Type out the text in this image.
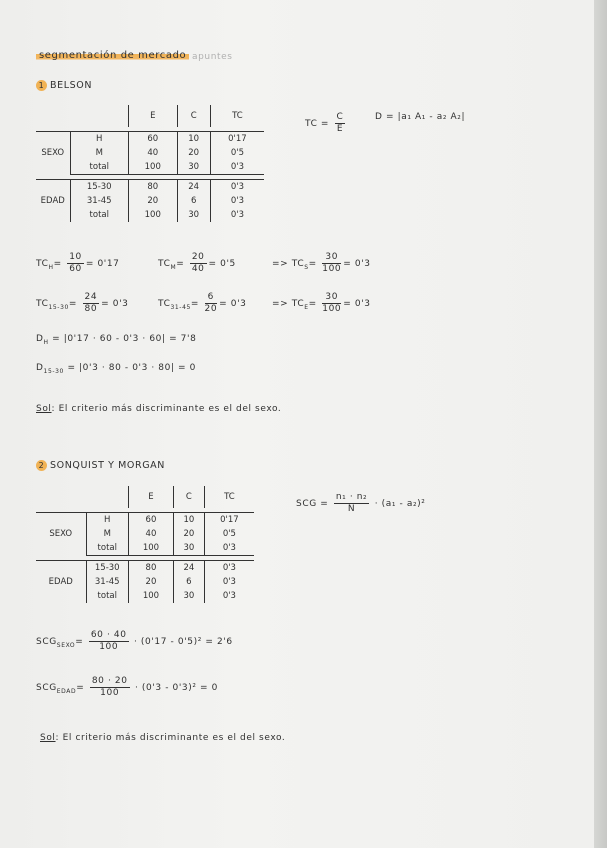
segmentación de mercado apuntes
1 BELSON
		E	C	TC

SEXO	H	60	10	0'17
	M	40	20	0'5
	total	100	30	0'3

EDAD	15-30	80	24	0'3
	31-45	20	6	0'3
	total	100	30	0'3
TC = $\frac{C}{E}$	D = |a₁ A₁ - a₂ A₂|
$TC_H= \frac{10}{60} = 0'17$	$TC_M= \frac{20}{40} = 0'5$	=> $TC_S= \frac{30}{100} = 0'3$
$TC_{15-30}= \frac{24}{80} = 0'3$	$TC_{31-45}= \frac{6}{20} = 0'3$	=> $TC_E= \frac{30}{100} = 0'3$
$D_H = |0'17 \cdot 60 - 0'3 \cdot 60| = 7'8$
$D_{15-30} = |0'3 \cdot 80 - 0'3 \cdot 80| = 0$
Sol: El criterio más discriminante es el del sexo.
2 SONQUIST Y MORGAN
		E	C	TC

SEXO	H	60	10	0'17
	M	40	20	0'5
	total	100	30	0'3

EDAD	15-30	80	24	0'3
	31-45	20	6	0'3
	total	100	30	0'3
SCG = $\frac{\text{n₁ · n₂}}{N} \cdot (a_1 - a_2)^2$
$SCG_{SEXO}= \frac{60 \cdot 40}{100} \cdot (0'17 - 0'5)^2 = 2'6$
$SCG_{EDAD}= \frac{80 \cdot 20}{100} \cdot (0'3 - 0'3)^2 = 0$
Sol: El criterio más discriminante es el del sexo.
